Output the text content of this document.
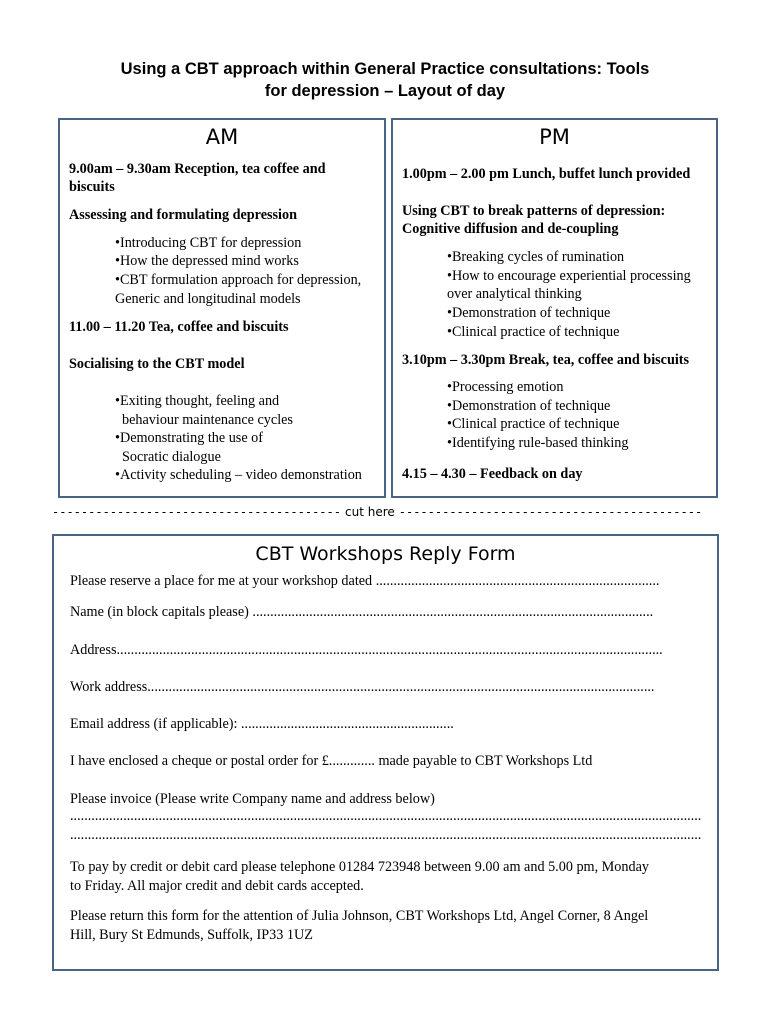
Using a CBT approach within General Practice consultations: Tools
for depression – Layout of day
AM
9.00am – 9.30am Reception, tea coffee and
biscuits
Assessing and formulating depression
•Introducing CBT for depression
•How the depressed mind works
•CBT formulation approach for depression,
Generic and longitudinal models
11.00 – 11.20 Tea, coffee and biscuits
Socialising to the CBT model
•Exiting thought, feeling and
behaviour maintenance cycles
•Demonstrating the use of
Socratic dialogue
•Activity scheduling – video demonstration
PM
1.00pm – 2.00 pm Lunch, buffet lunch provided
Using CBT to break patterns of depression:
Cognitive diffusion and de-coupling
•Breaking cycles of rumination
•How to encourage experiential processing
over analytical thinking
•Demonstration of technique
•Clinical practice of technique
3.10pm – 3.30pm Break, tea, coffee and biscuits
•Processing emotion
•Demonstration of technique
•Clinical practice of technique
•Identifying rule-based thinking
4.15 – 4.30 – Feedback on day
---------------------------------------- cut here ------------------------------------------
CBT Workshops Reply Form
Please reserve a place for me at your workshop dated ................................................................................
Name (in block capitals please) .................................................................................................................
Address..........................................................................................................................................................
Work address...............................................................................................................................................
Email address (if applicable): ............................................................
I have enclosed a cheque or postal order for £............. made payable to CBT Workshops Ltd
Please invoice (Please write Company name and address below)
..................................................................................................................................................................................
..................................................................................................................................................................................
To pay by credit or debit card please telephone 01284 723948 between 9.00 am and 5.00 pm, Monday
to Friday. All major credit and debit cards accepted.
Please return this form for the attention of Julia Johnson, CBT Workshops Ltd, Angel Corner, 8 Angel
Hill, Bury St Edmunds, Suffolk, IP33 1UZ
